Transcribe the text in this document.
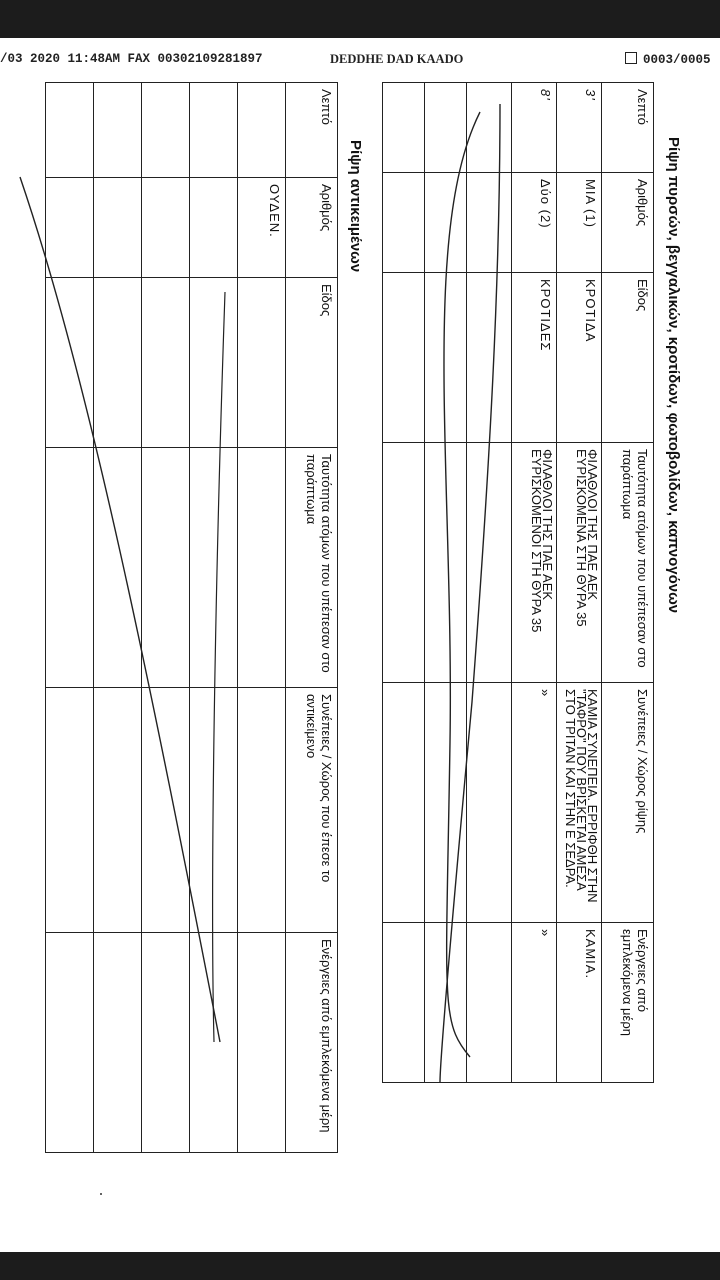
/03 2020 11:48AM FAX 00302109281897	DEDDHE DAD KAADO	0003/0005
Ρίψη πυρσών, βεγγαλικών, κροτίδων, φωτοβολίδων, καπνογόνων
Λεπτό	Αριθμός	Είδος	Ταυτότητα ατόμων που υπέπεσαν στο παράπτωμα	Συνέπειες / Χώρος ρίψης	Ενέργειες από εμπλεκόμενα μέρη
3'	ΜΙΑ (1)	ΚΡΟΤΙΔΑ	ΦΙΛΑΘΛΟΙ ΤΗΣ ΠΑΕ ΑΕΚ ΕΥΡΙΣΚΟΜΕΝΑ ΣΤΗ ΘΥΡΑ 35	ΚΑΜΙΑ ΣΥΝΕΠΕΙΑ. ΕΡΡΙΦΘΗ ΣΤΗΝ "ΤΑΦΡΟ" ΠΟΥ ΒΡΙΣΚΕΤΑΙ ΑΜΕΣΑ ΣΤΟ ΤΡΙΤΑΝ ΚΑΙ ΣΤΗΝ Ε ΣΕΔΡΑ.	ΚΑΜΙΑ.
8'	Δύο (2)	ΚΡΟΤΙΔΕΣ	ΦΙΛΑΘΛΟΙ ΤΗΣ ΠΑΕ ΑΕΚ ΕΥΡΙΣΚΟΜΕΝΟΙ ΣΤΗ ΘΥΡΑ 35	»	»

Ρίψη αντικειμένων
Λεπτό	Αριθμός	Είδος	Ταυτότητα ατόμων που υπέπεσαν στο παράπτωμα	Συνέπειες / Χώρος που έπεσε το αντικείμενο	Ενέργειες από εμπλεκόμενα μέρη
	ΟΥΔΕΝ.				
